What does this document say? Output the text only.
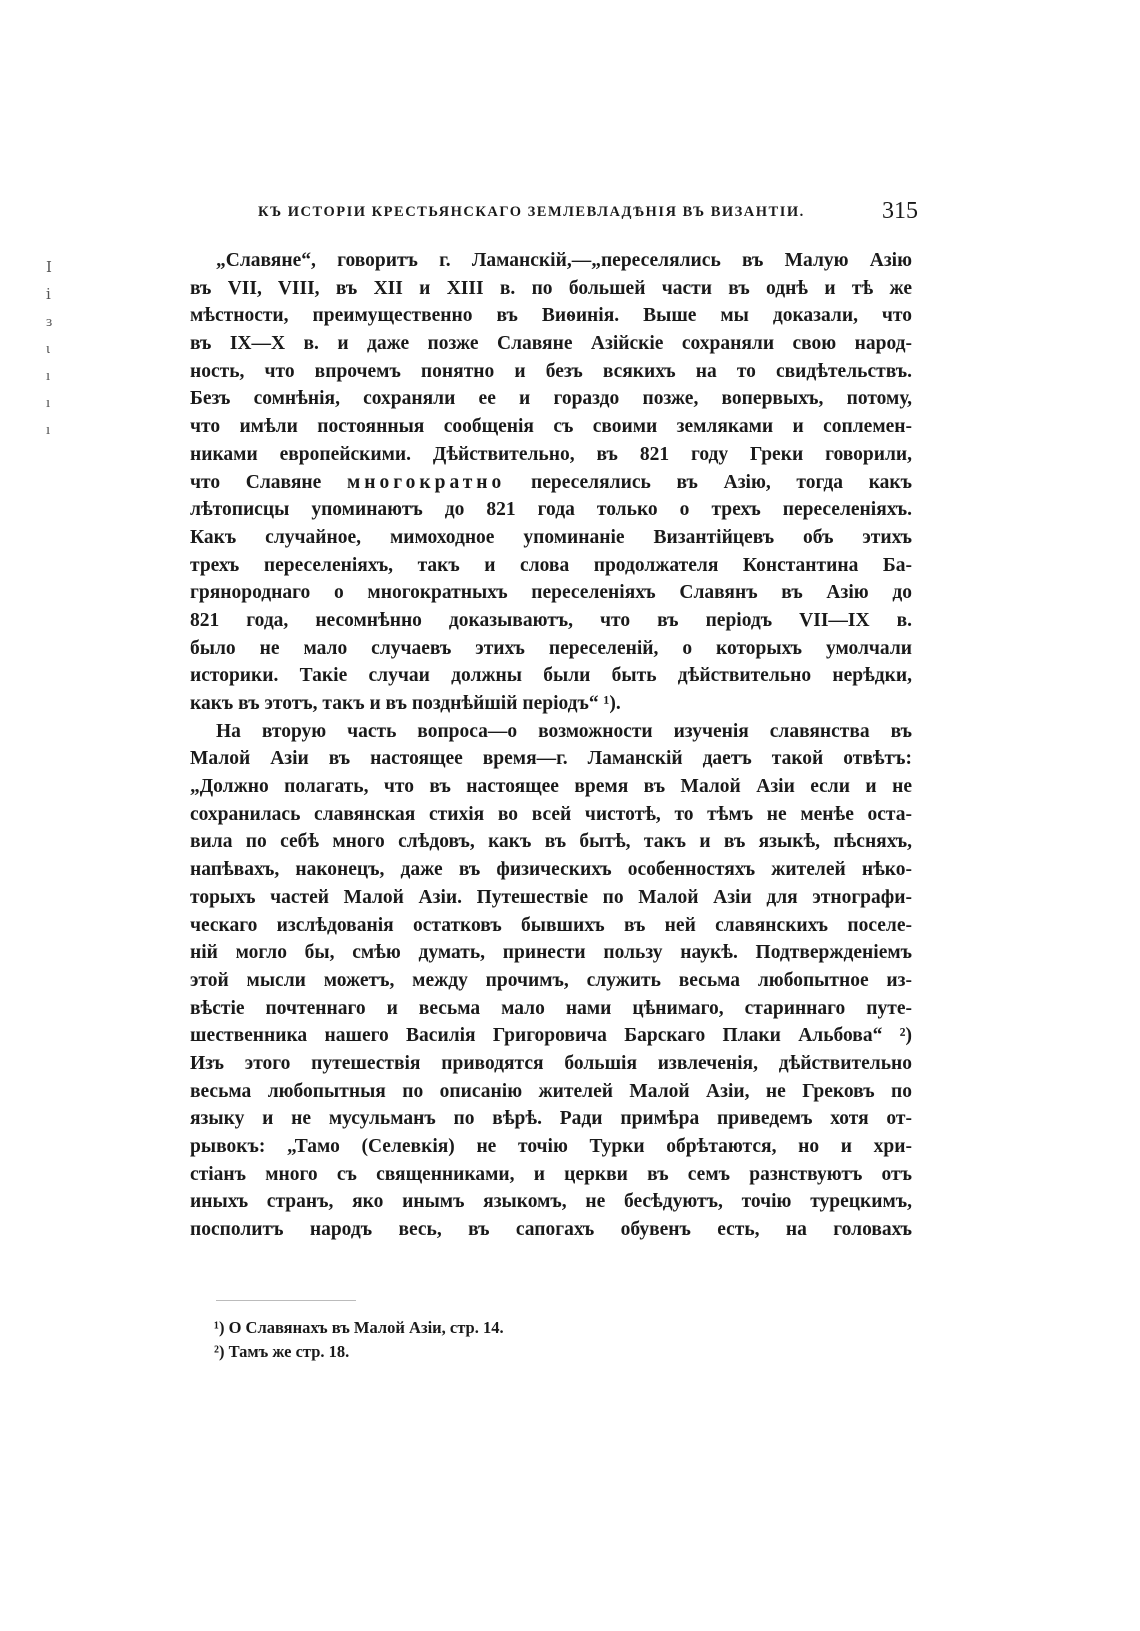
Ⅰ
ⅰ
ɜ
ɩ
ı
ı
ı
КЪ ИСТОРІИ КРЕСТЬЯНСКАГО ЗЕМЛЕВЛАДѢНІЯ ВЪ ВИЗАНТІИ.	315
„Славяне“, говоритъ г. Ламанскій,—„переселялись въ Малую Азію
въ VII, VIII, въ XII и XIII в. по большей части въ однѣ и тѣ же
мѣстности, преимущественно въ Виѳинія. Выше мы доказали, что
въ IX—X в. и даже позже Славяне Азійскіе сохраняли свою народ-
ность, что впрочемъ понятно и безъ всякихъ на то свидѣтельствъ.
Безъ сомнѣнія, сохраняли ее и гораздо позже, вопервыхъ, потому,
что имѣли постоянныя сообщенія съ своими земляками и соплемен-
никами европейскими. Дѣйствительно, въ 821 году Греки говорили,
что Славяне многократно переселялись въ Азію, тогда какъ
лѣтописцы упоминаютъ до 821 года только о трехъ переселеніяхъ.
Какъ случайное, мимоходное упоминаніе Византійцевъ объ этихъ
трехъ переселеніяхъ, такъ и слова продолжателя Константина Ба-
грянороднаго о многократныхъ переселеніяхъ Славянъ въ Азію до
821 года, несомнѣнно доказываютъ, что въ періодъ VII—IX в.
было не мало случаевъ этихъ переселеній, о которыхъ умолчали
историки. Такіе случаи должны были быть дѣйствительно нерѣдки,
какъ въ этотъ, такъ и въ позднѣйшій періодъ“ ¹).
На вторую часть вопроса—о возможности изученія славянства въ
Малой Азіи въ настоящее время—г. Ламанскій даетъ такой отвѣтъ:
„Должно полагать, что въ настоящее время въ Малой Азіи если и не
сохранилась славянская стихія во всей чистотѣ, то тѣмъ не менѣе оста-
вила по себѣ много слѣдовъ, какъ въ бытѣ, такъ и въ языкѣ, пѣсняхъ,
напѣвахъ, наконецъ, даже въ физическихъ особенностяхъ жителей нѣко-
торыхъ частей Малой Азіи. Путешествіе по Малой Азіи для этнографи-
ческаго изслѣдованія остатковъ бывшихъ въ ней славянскихъ поселе-
ній могло бы, смѣю думать, принести пользу наукѣ. Подтвержденіемъ
этой мысли можетъ, между прочимъ, служить весьма любопытное из-
вѣстіе почтеннаго и весьма мало нами цѣнимаго, стариннаго путе-
шественника нашего Василія Григоровича Барскаго Плаки Альбова“ ²)
Изъ этого путешествія приводятся большія извлеченія, дѣйствительно
весьма любопытныя по описанію жителей Малой Азіи, не Грековъ по
языку и не мусульманъ по вѣрѣ. Ради примѣра приведемъ хотя от-
рывокъ: „Тамо (Селевкія) не точію Турки обрѣтаются, но и хри-
стіанъ много съ священниками, и церкви въ семъ разнствуютъ отъ
иныхъ странъ, яко инымъ языкомъ, не бесѣдуютъ, точію турецкимъ,
посполитъ народъ весь, въ сапогахъ обувенъ есть, на головахъ
¹) О Славянахъ въ Малой Азіи, стр. 14.
²) Тамъ же стр. 18.
